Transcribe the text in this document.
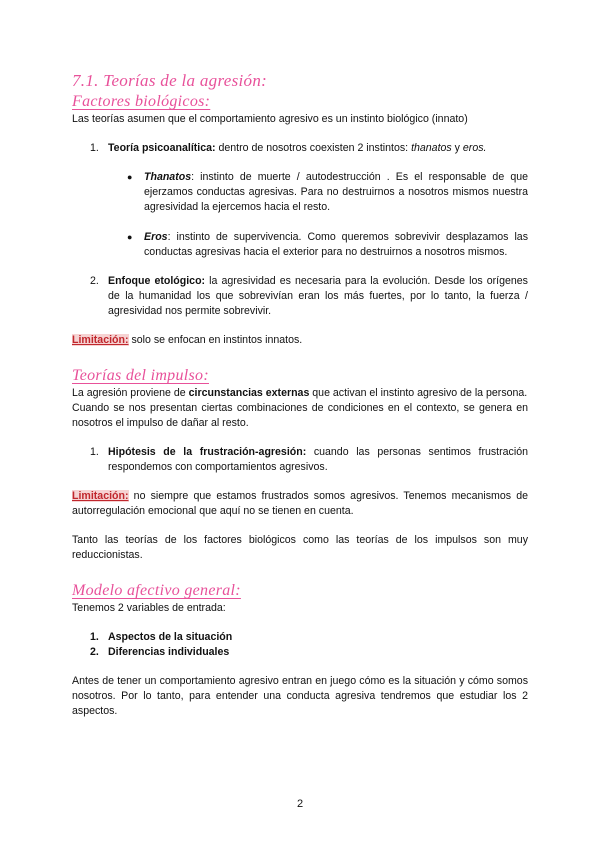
7.1. Teorías de la agresión:
Factores biológicos:

Las teorías asumen que el comportamiento agresivo es un instinto biológico (innato)

1. Teoría psicoanalítica: dentro de nosotros coexisten 2 instintos: thanatos y eros.
● Thanatos: instinto de muerte / autodestrucción . Es el responsable de que ejerzamos conductas agresivas. Para no destruirnos a nosotros mismos nuestra agresividad la ejercemos hacia el resto.
● Eros: instinto de supervivencia. Como queremos sobrevivir desplazamos las conductas agresivas hacia el exterior para no destruirnos a nosotros mismos.
2. Enfoque etológico: la agresividad es necesaria para la evolución. Desde los orígenes de la humanidad los que sobrevivían eran los más fuertes, por lo tanto, la fuerza / agresividad nos permite sobrevivir.

Limitación: solo se enfocan en instintos innatos.

Teorías del impulso:

La agresión proviene de circunstancias externas que activan el instinto agresivo de la persona.

Cuando se nos presentan ciertas combinaciones de condiciones en el contexto, se genera en nosotros el impulso de dañar al resto.

1. Hipótesis de la frustración-agresión: cuando las personas sentimos frustración respondemos con comportamientos agresivos.

Limitación: no siempre que estamos frustrados somos agresivos. Tenemos mecanismos de autorregulación emocional que aquí no se tienen en cuenta.

Tanto las teorías de los factores biológicos como las teorías de los impulsos son muy reduccionistas.

Modelo afectivo general:

Tenemos 2 variables de entrada:

1. Aspectos de la situación
2. Diferencias individuales

Antes de tener un comportamiento agresivo entran en juego cómo es la situación y cómo somos nosotros. Por lo tanto, para entender una conducta agresiva tendremos que estudiar los 2 aspectos.

2
